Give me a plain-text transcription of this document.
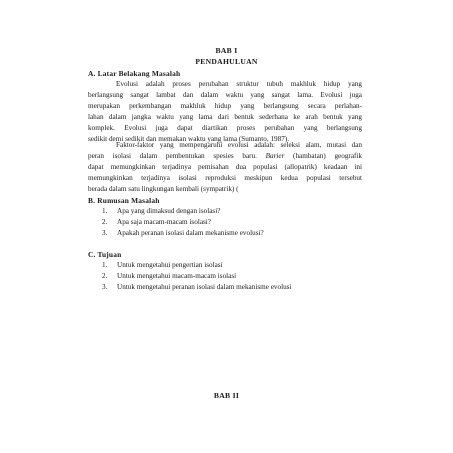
BAB I
PENDAHULUAN
A. Latar Belakang Masalah
Evolusi adalah proses perubahan struktur tubuh makhluk hidup yang
berlangsung sangat lambat dan dalam waktu yang sangat lama. Evolusi juga
merupakan perkembangan makhluk hidup yang berlangsung secara perlahan-
lahan dalam jangka waktu yang lama dari bentuk sederhana ke arah bentuk yang
komplek. Evolusi juga dapat diartikan proses perubahan yang berlangsung
sedikit demi sedikit dan memakan waktu yang lama (Sumanto, 1987).
Faktor-faktor yang mempengaruhi evolusi adalah: seleksi alam, mutasi dan
peran isolasi dalam pembentukan spesies baru. Barier (hambatan) geografik
dapat memungkinkan terjadinya pemisahan dua populasi (allopatrik) keadaan ini
memungkinkan terjadinya isolasi reproduksi meskipun kedua populasi tersebut
berada dalam satu lingkungan kembali (sympatrik) (
B. Rumusan Masalah
1. Apa yang dimaksud dengan isolasi?
2. Apa saja macam-macam isolasi?
3. Apakah peranan isolasi dalam mekanisme evolusi?
C. Tujuan
1. Untuk mengetahui pengertian isolasi
2. Untuk mengetahui macam-macam isolasi
3. Untuk mengetahui peranan isolasi dalam mekanisme evolusi
BAB II
